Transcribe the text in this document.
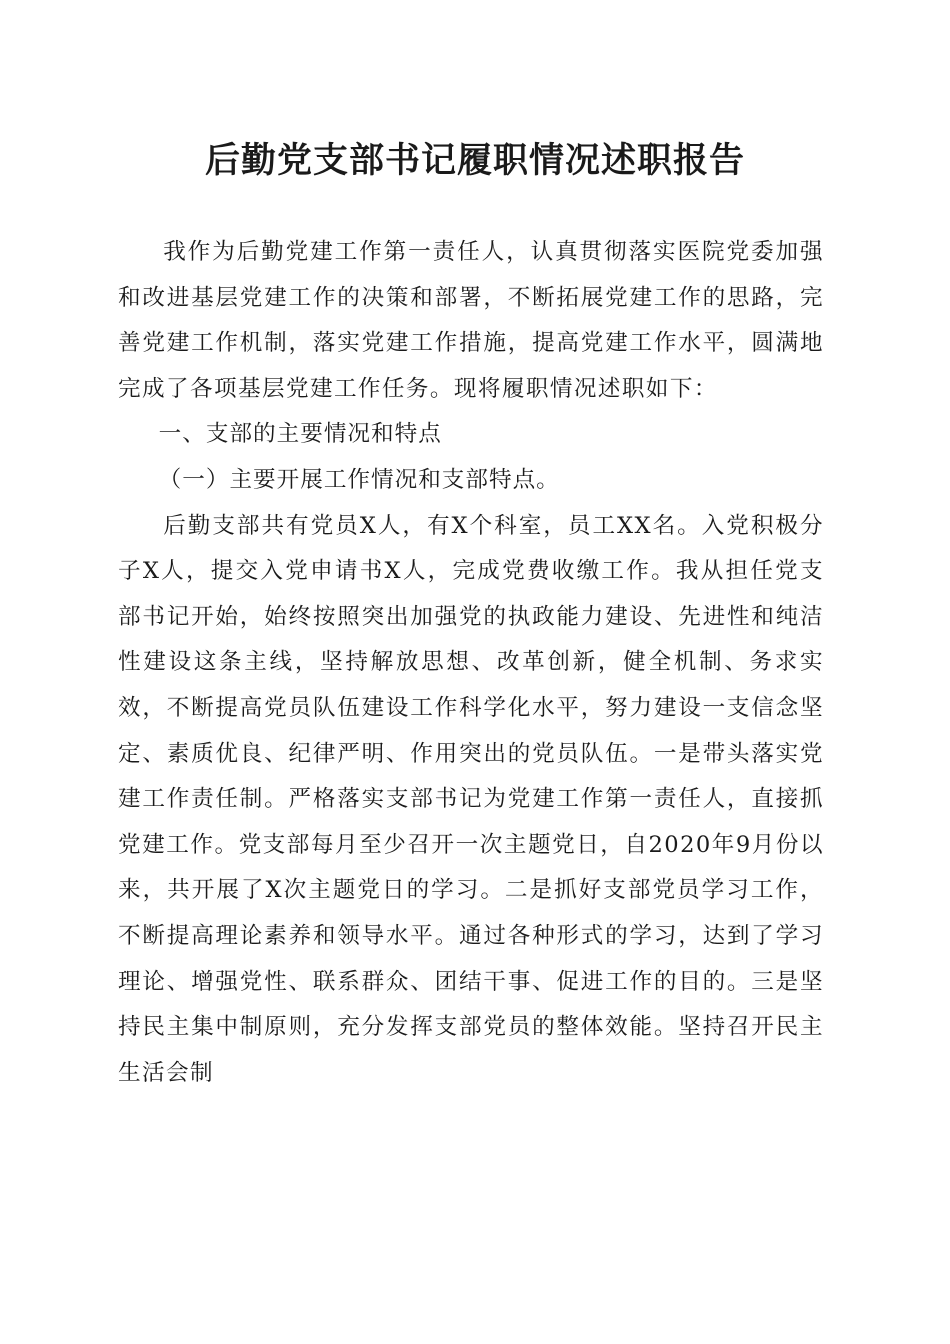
后勤党支部书记履职情况述职报告

我作为后勤党建工作第一责任人，认真贯彻落实医院党委加强和改进基层党建工作的决策和部署，不断拓展党建工作的思路，完善党建工作机制，落实党建工作措施，提高党建工作水平，圆满地完成了各项基层党建工作任务。现将履职情况述职如下：

一、支部的主要情况和特点
（一）主要开展工作情况和支部特点。

后勤支部共有党员X人，有X个科室，员工XX名。入党积极分子X人，提交入党申请书X人，完成党费收缴工作。我从担任党支部书记开始，始终按照突出加强党的执政能力建设、先进性和纯洁性建设这条主线，坚持解放思想、改革创新，健全机制、务求实效，不断提高党员队伍建设工作科学化水平，努力建设一支信念坚定、素质优良、纪律严明、作用突出的党员队伍。一是带头落实党建工作责任制。严格落实支部书记为党建工作第一责任人，直接抓党建工作。党支部每月至少召开一次主题党日，自2020年9月份以来，共开展了X次主题党日的学习。二是抓好支部党员学习工作，不断提高理论素养和领导水平。通过各种形式的学习，达到了学习理论、增强党性、联系群众、团结干事、促进工作的目的。三是坚持民主集中制原则，充分发挥支部党员的整体效能。坚持召开民主生活会制
